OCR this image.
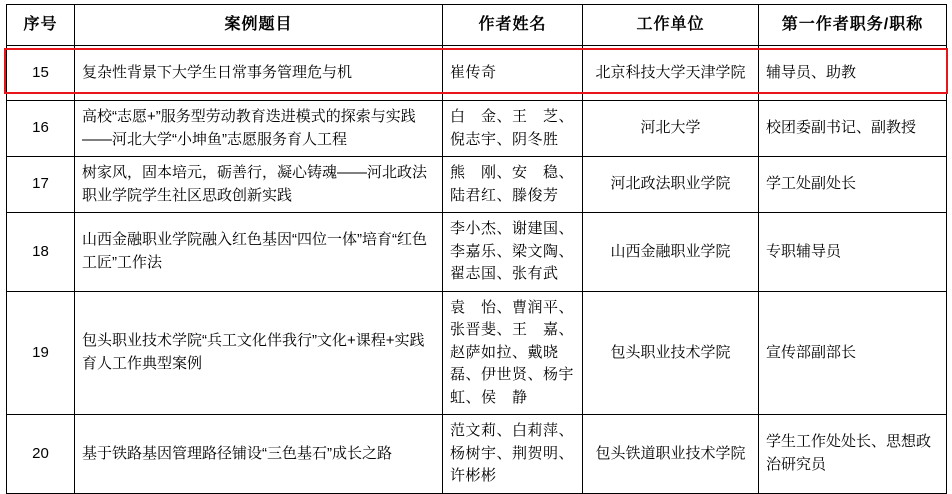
序号	案例题目	作者姓名	工作单位	第一作者职务/职称
15	复杂性背景下大学生日常事务管理危与机	崔传奇	北京科技大学天津学院	辅导员、助教
16	高校“志愿+”服务型劳动教育迭进模式的探索与实践——河北大学“小坤鱼”志愿服务育人工程	白　金、王　芝、倪志宇、阴冬胜	河北大学	校团委副书记、副教授
17	树家风，固本培元，砺善行，凝心铸魂——河北政法职业学院学生社区思政创新实践	熊　刚、安　稳、陆君红、滕俊芳	河北政法职业学院	学工处副处长
18	山西金融职业学院融入红色基因“四位一体”培育“红色工匠”工作法	李小杰、谢建国、李嘉乐、梁文陶、翟志国、张有武	山西金融职业学院	专职辅导员
19	包头职业技术学院“兵工文化伴我行”文化+课程+实践育人工作典型案例	袁　怡、曹润平、张晋斐、王　嘉、赵萨如拉、戴晓磊、伊世贤、杨宇虹、侯　静	包头职业技术学院	宣传部副部长
20	基于铁路基因管理路径铺设“三色基石”成长之路	范文莉、白莉萍、杨树宇、荆贺明、许彬彬	包头铁道职业技术学院	学生工作处处长、思想政治研究员
